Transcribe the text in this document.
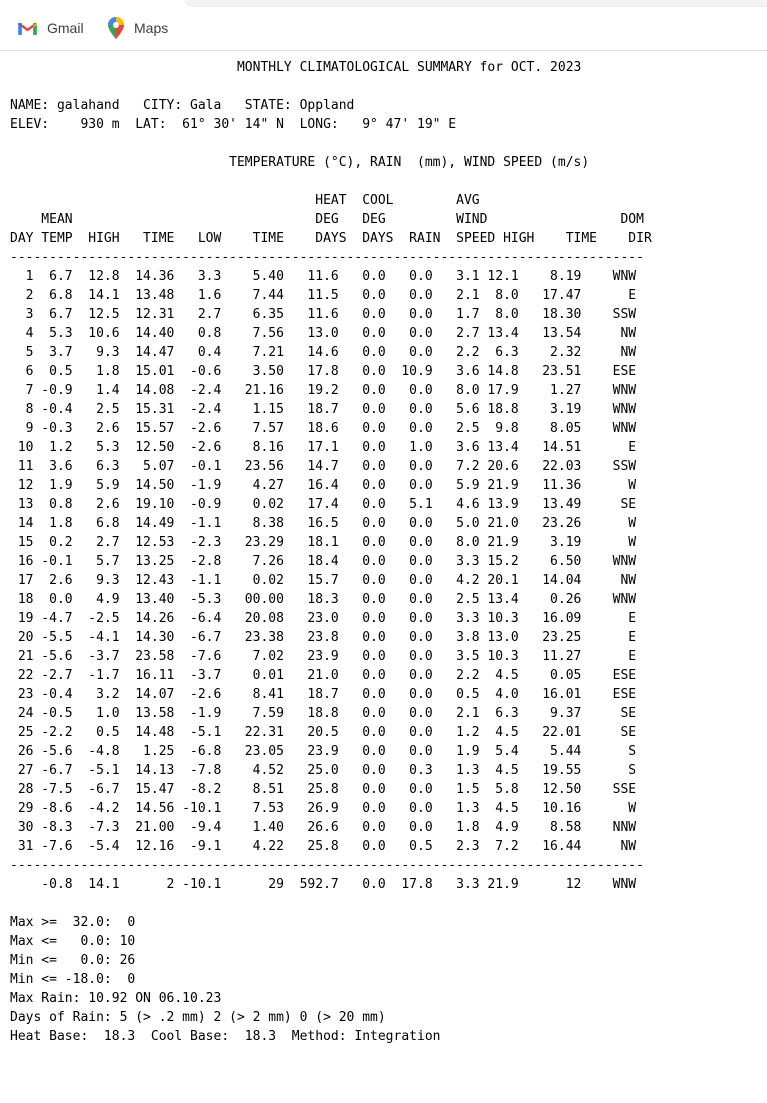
Gmail	Maps
MONTHLY CLIMATOLOGICAL SUMMARY for OCT. 2023

NAME: galahand   CITY: Gala   STATE: Oppland
ELEV:    930 m  LAT:  61° 30' 14" N  LONG:   9° 47' 19" E

TEMPERATURE (°C), RAIN  (mm), WIND SPEED (m/s)

HEAT  COOL        AVG
MEAN                               DEG   DEG         WIND                 DOM
DAY TEMP  HIGH   TIME   LOW    TIME    DAYS  DAYS  RAIN  SPEED HIGH    TIME    DIR
---------------------------------------------------------------------------------
1  6.7  12.8  14.36   3.3    5.40   11.6   0.0   0.0   3.1 12.1    8.19    WNW
2  6.8  14.1  13.48   1.6    7.44   11.5   0.0   0.0   2.1  8.0   17.47      E
3  6.7  12.5  12.31   2.7    6.35   11.6   0.0   0.0   1.7  8.0   18.30    SSW
4  5.3  10.6  14.40   0.8    7.56   13.0   0.0   0.0   2.7 13.4   13.54     NW
5  3.7   9.3  14.47   0.4    7.21   14.6   0.0   0.0   2.2  6.3    2.32     NW
6  0.5   1.8  15.01  -0.6    3.50   17.8   0.0  10.9   3.6 14.8   23.51    ESE
7 -0.9   1.4  14.08  -2.4   21.16   19.2   0.0   0.0   8.0 17.9    1.27    WNW
8 -0.4   2.5  15.31  -2.4    1.15   18.7   0.0   0.0   5.6 18.8    3.19    WNW
9 -0.3   2.6  15.57  -2.6    7.57   18.6   0.0   0.0   2.5  9.8    8.05    WNW
10  1.2   5.3  12.50  -2.6    8.16   17.1   0.0   1.0   3.6 13.4   14.51      E
11  3.6   6.3   5.07  -0.1   23.56   14.7   0.0   0.0   7.2 20.6   22.03    SSW
12  1.9   5.9  14.50  -1.9    4.27   16.4   0.0   0.0   5.9 21.9   11.36      W
13  0.8   2.6  19.10  -0.9    0.02   17.4   0.0   5.1   4.6 13.9   13.49     SE
14  1.8   6.8  14.49  -1.1    8.38   16.5   0.0   0.0   5.0 21.0   23.26      W
15  0.2   2.7  12.53  -2.3   23.29   18.1   0.0   0.0   8.0 21.9    3.19      W
16 -0.1   5.7  13.25  -2.8    7.26   18.4   0.0   0.0   3.3 15.2    6.50    WNW
17  2.6   9.3  12.43  -1.1    0.02   15.7   0.0   0.0   4.2 20.1   14.04     NW
18  0.0   4.9  13.40  -5.3   00.00   18.3   0.0   0.0   2.5 13.4    0.26    WNW
19 -4.7  -2.5  14.26  -6.4   20.08   23.0   0.0   0.0   3.3 10.3   16.09      E
20 -5.5  -4.1  14.30  -6.7   23.38   23.8   0.0   0.0   3.8 13.0   23.25      E
21 -5.6  -3.7  23.58  -7.6    7.02   23.9   0.0   0.0   3.5 10.3   11.27      E
22 -2.7  -1.7  16.11  -3.7    0.01   21.0   0.0   0.0   2.2  4.5    0.05    ESE
23 -0.4   3.2  14.07  -2.6    8.41   18.7   0.0   0.0   0.5  4.0   16.01    ESE
24 -0.5   1.0  13.58  -1.9    7.59   18.8   0.0   0.0   2.1  6.3    9.37     SE
25 -2.2   0.5  14.48  -5.1   22.31   20.5   0.0   0.0   1.2  4.5   22.01     SE
26 -5.6  -4.8   1.25  -6.8   23.05   23.9   0.0   0.0   1.9  5.4    5.44      S
27 -6.7  -5.1  14.13  -7.8    4.52   25.0   0.0   0.3   1.3  4.5   19.55      S
28 -7.5  -6.7  15.47  -8.2    8.51   25.8   0.0   0.0   1.5  5.8   12.50    SSE
29 -8.6  -4.2  14.56 -10.1    7.53   26.9   0.0   0.0   1.3  4.5   10.16      W
30 -8.3  -7.3  21.00  -9.4    1.40   26.6   0.0   0.0   1.8  4.9    8.58    NNW
31 -7.6  -5.4  12.16  -9.1    4.22   25.8   0.0   0.5   2.3  7.2   16.44     NW
---------------------------------------------------------------------------------
-0.8  14.1      2 -10.1      29  592.7   0.0  17.8   3.3 21.9      12    WNW

Max >=  32.0:  0
Max <=   0.0: 10
Min <=   0.0: 26
Min <= -18.0:  0
Max Rain: 10.92 ON 06.10.23
Days of Rain: 5 (> .2 mm) 2 (> 2 mm) 0 (> 20 mm)
Heat Base:  18.3  Cool Base:  18.3  Method: Integration
